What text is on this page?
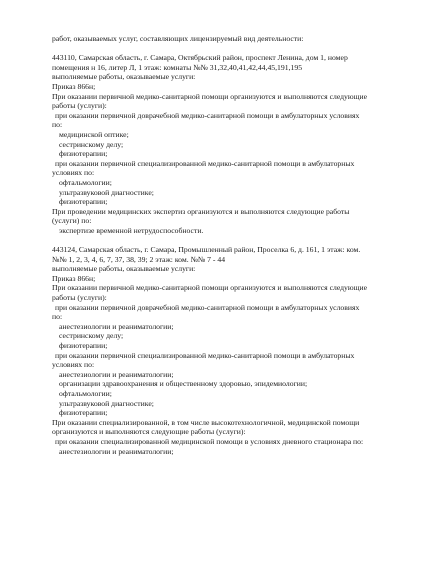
работ, оказываемых услуг, составляющих лицензируемый вид деятельности:
443110, Самарская область, г. Самара, Октябрьский район, проспект Ленина, дом 1, номер
помещения н 16, литер Л, 1 этаж: комнаты №№ 31,32,40,41,42,44,45,191,195
выполняемые работы, оказываемые услуги:
Приказ 866н;
При оказании первичной медико-санитарной помощи организуются и выполняются следующие
работы (услуги):
при оказании первичной доврачебной медико-санитарной помощи в амбулаторных условиях
по:
медицинской оптике;
сестринскому делу;
физиотерапии;
при оказании первичной специализированной медико-санитарной помощи в амбулаторных
условиях по:
офтальмологии;
ультразвуковой диагностике;
физиотерапии;
При проведении медицинских экспертиз организуются и выполняются следующие работы
(услуги) по:
экспертизе временной нетрудоспособности.
443124, Самарская область, г. Самара, Промышленный район, Проселка 6, д. 161, 1 этаж: ком.
№№ 1, 2, 3, 4, 6, 7, 37, 38, 39; 2 этаж: ком. №№ 7 - 44
выполняемые работы, оказываемые услуги:
Приказ 866н;
При оказании первичной медико-санитарной помощи организуются и выполняются следующие
работы (услуги):
при оказании первичной доврачебной медико-санитарной помощи в амбулаторных условиях
по:
анестезиологии и реаниматологии;
сестринскому делу;
физиотерапии;
при оказании первичной специализированной медико-санитарной помощи в амбулаторных
условиях по:
анестезиологии и реаниматологии;
организации здравоохранения и общественному здоровью, эпидемиологии;
офтальмологии;
ультразвуковой диагностике;
физиотерапии;
При оказании специализированной, в том числе высокотехнологичной, медицинской помощи
организуются и выполняются следующие работы (услуги):
при оказании специализированной медицинской помощи в условиях дневного стационара по:
анестезиологии и реаниматологии;
